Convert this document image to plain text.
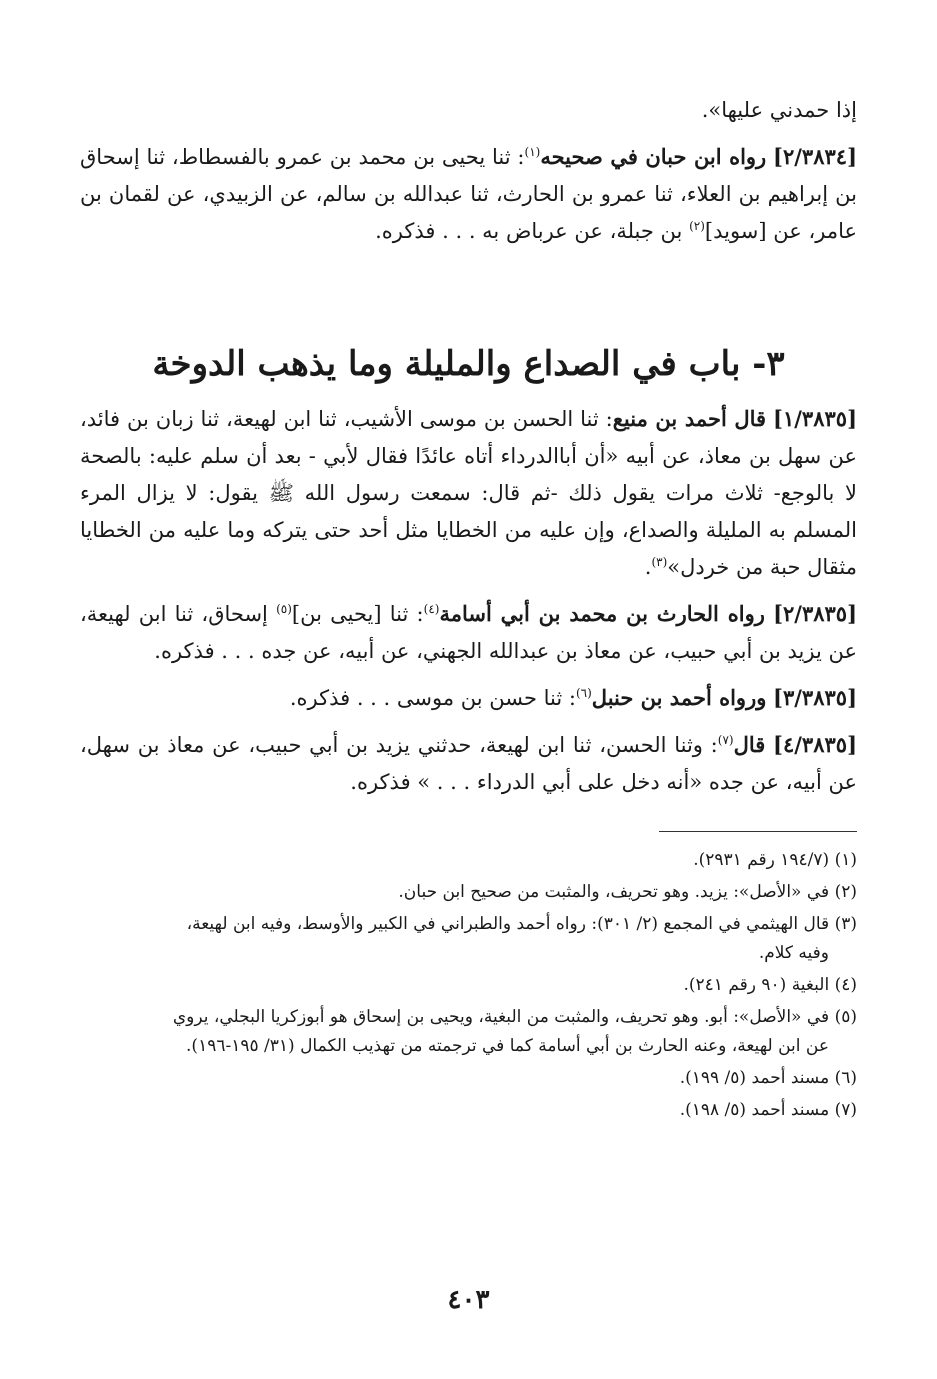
إذا حمدني عليها».

[٢/٣٨٣٤] رواه ابن حبان في صحيحه$^{(١)}$: ثنا يحيى بن محمد بن عمرو بالفسطاط، ثنا إسحاق بن إبراهيم بن العلاء، ثنا عمرو بن الحارث، ثنا عبدالله بن سالم، عن الزبيدي، عن لقمان بن عامر، عن [سويد]$^{(٢)}$ بن جبلة، عن عرباض به . . . فذكره.

٣- باب في الصداع والمليلة وما يذهب الدوخة

[١/٣٨٣٥] قال أحمد بن منيع: ثنا الحسن بن موسى الأشيب، ثنا ابن لهيعة، ثنا زبان بن فائد، عن سهل بن معاذ، عن أبيه «أن أباالدرداء أتاه عائدًا فقال لأبي - بعد أن سلم عليه: بالصحة لا بالوجع- ثلاث مرات يقول ذلك -ثم قال: سمعت رسول الله ﷺ يقول: لا يزال المرء المسلم به المليلة والصداع، وإن عليه من الخطايا مثل أحد حتى يتركه وما عليه من الخطايا مثقال حبة من خردل»$^{(٣)}$.

[٢/٣٨٣٥] رواه الحارث بن محمد بن أبي أسامة$^{(٤)}$: ثنا [يحيى بن]$^{(٥)}$ إسحاق، ثنا ابن لهيعة، عن يزيد بن أبي حبيب، عن معاذ بن عبدالله الجهني، عن أبيه، عن جده . . . فذكره.

[٣/٣٨٣٥] ورواه أحمد بن حنبل$^{(٦)}$: ثنا حسن بن موسى . . . فذكره.

[٤/٣٨٣٥] قال$^{(٧)}$: وثنا الحسن، ثنا ابن لهيعة، حدثني يزيد بن أبي حبيب، عن معاذ بن سهل، عن أبيه، عن جده «أنه دخل على أبي الدرداء . . . » فذكره.

(١) (١٩٤/٧ رقم ٢٩٣١).
(٢) في «الأصل»: يزيد. وهو تحريف، والمثبت من صحيح ابن حبان.
(٣) قال الهيثمي في المجمع (٢/ ٣٠١): رواه أحمد والطبراني في الكبير والأوسط، وفيه ابن لهيعة،
وفيه كلام.
(٤) البغية (٩٠ رقم ٢٤١).
(٥) في «الأصل»: أبو. وهو تحريف، والمثبت من البغية، ويحيى بن إسحاق هو أبوزكريا البجلي، يروي
عن ابن لهيعة، وعنه الحارث بن أبي أسامة كما في ترجمته من تهذيب الكمال (٣١/ ١٩٥-١٩٦).
(٦) مسند أحمد (٥/ ١٩٩).
(٧) مسند أحمد (٥/ ١٩٨).
٤٠٣
